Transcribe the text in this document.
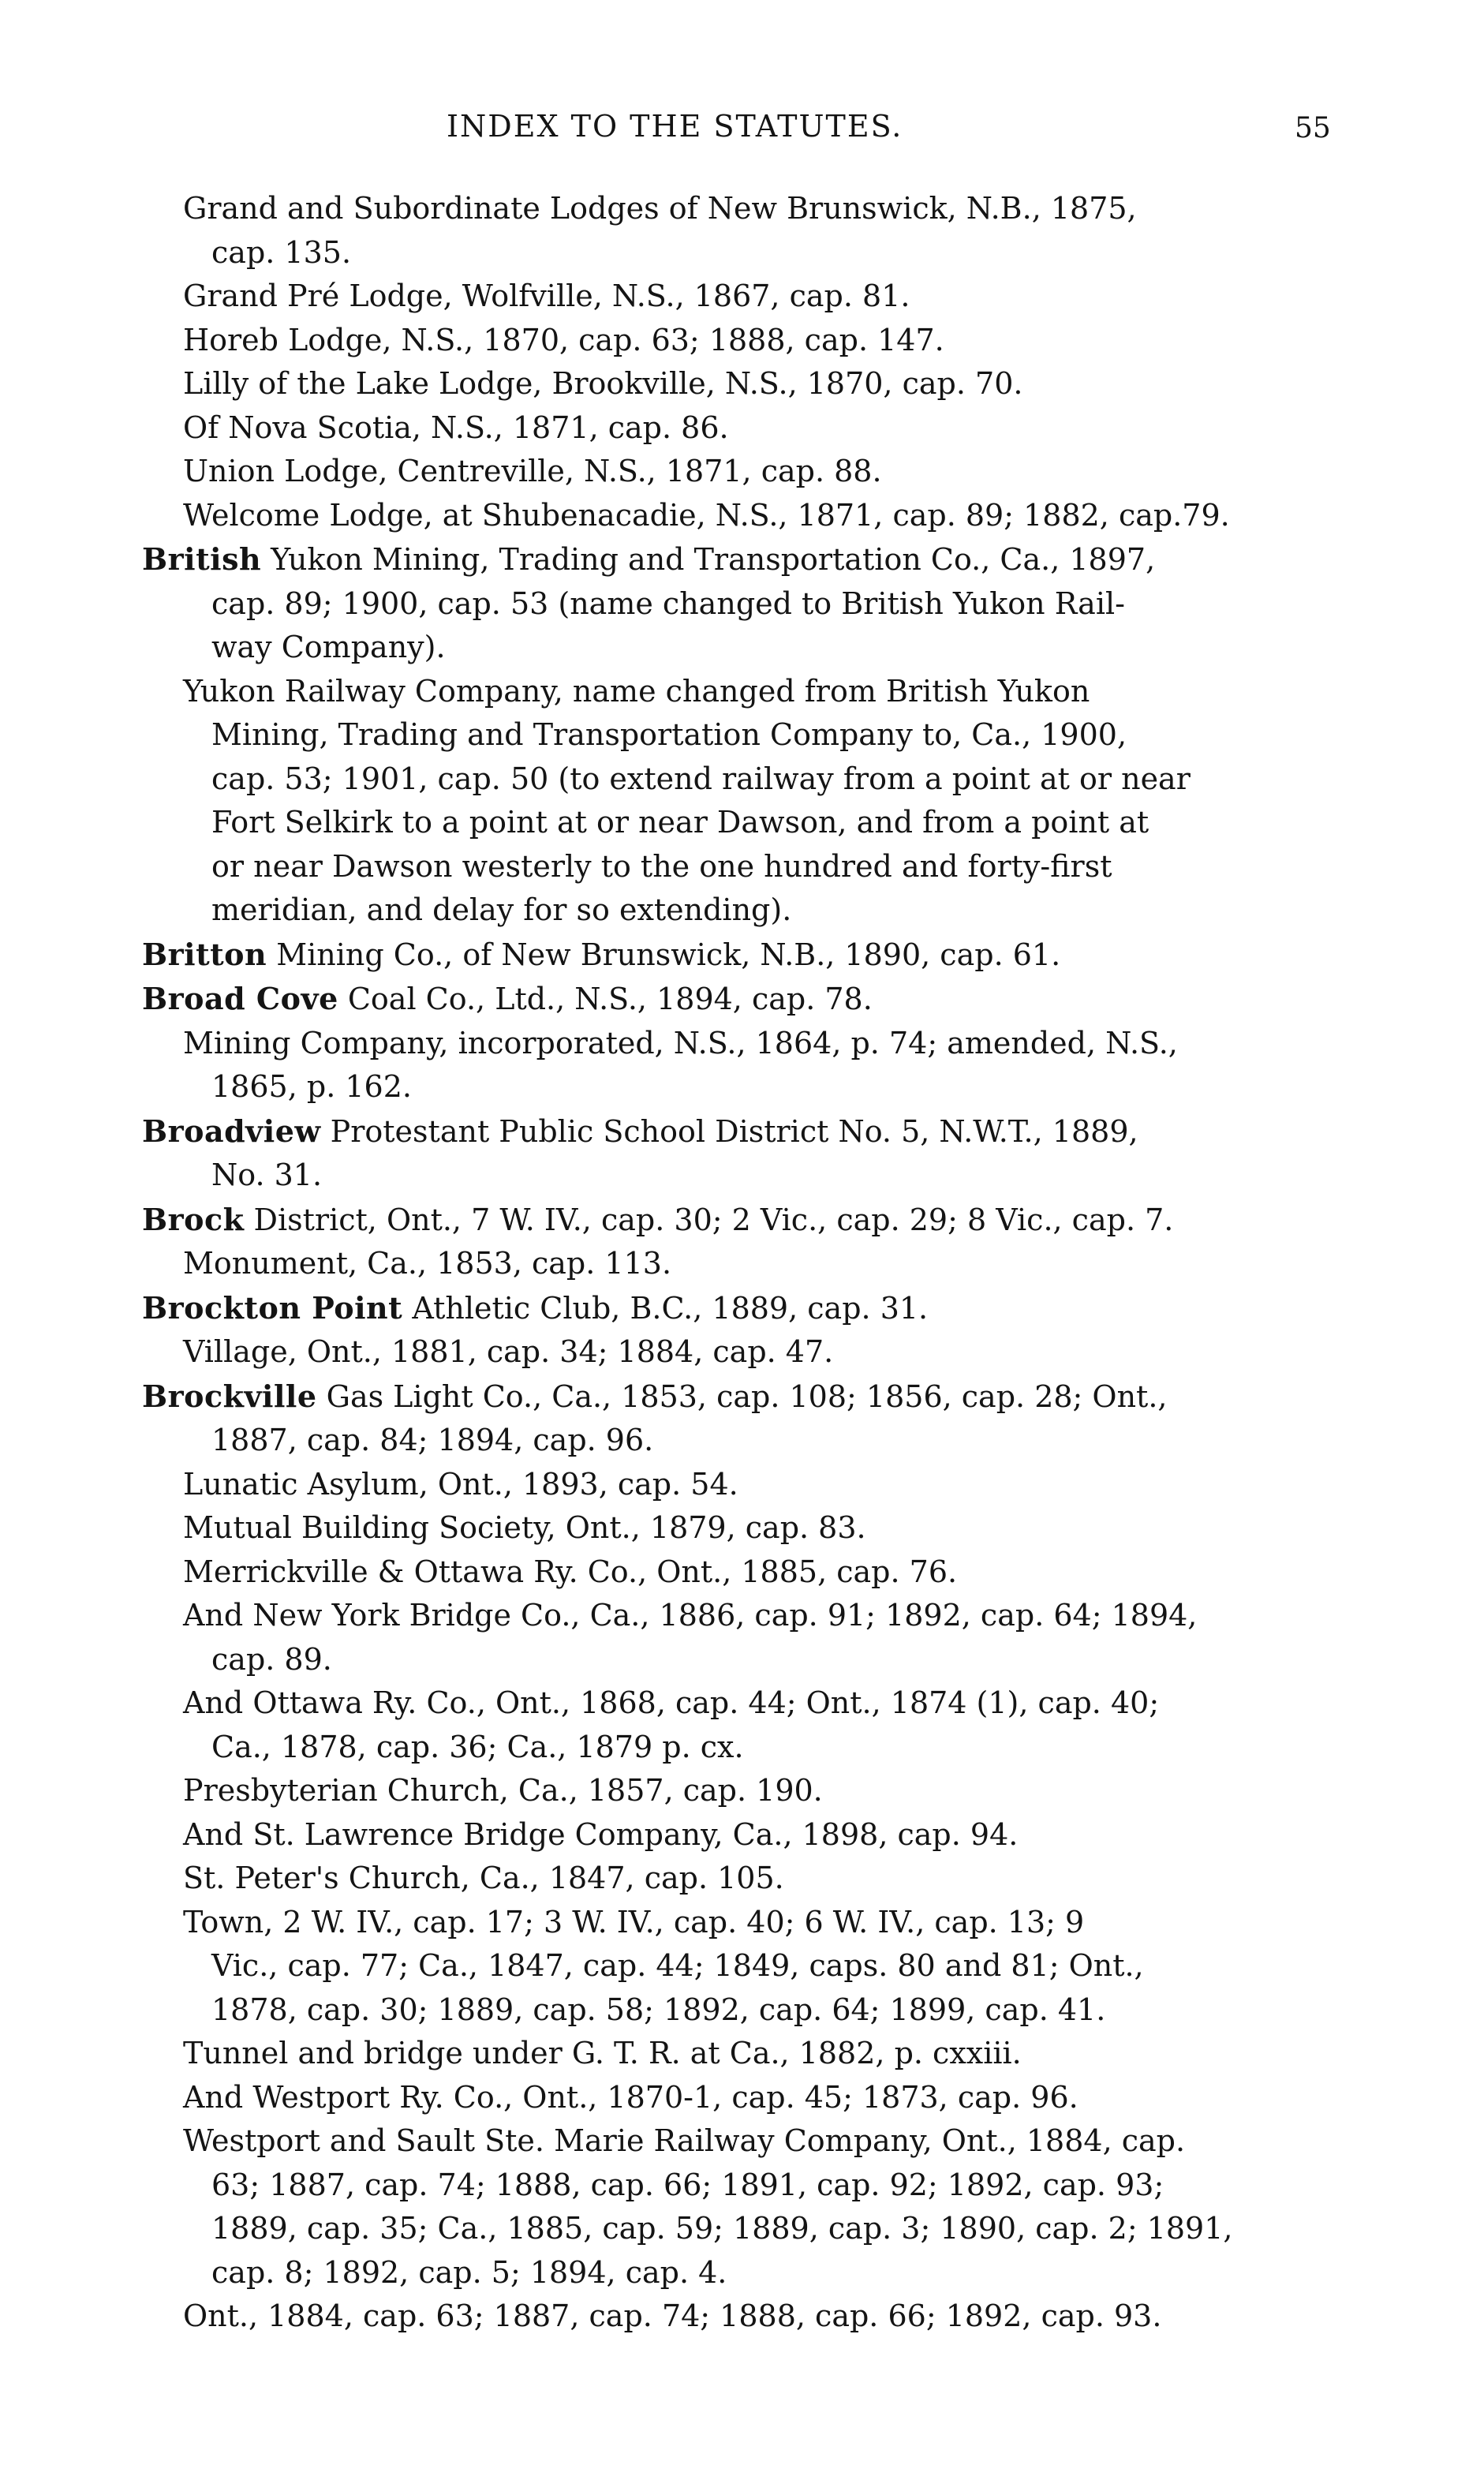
INDEX TO THE STATUTES.	55
Grand and Subordinate Lodges of New Brunswick, N.B., 1875,
cap. 135.
Grand Pré Lodge, Wolfville, N.S., 1867, cap. 81.
Horeb Lodge, N.S., 1870, cap. 63; 1888, cap. 147.
Lilly of the Lake Lodge, Brookville, N.S., 1870, cap. 70.
Of Nova Scotia, N.S., 1871, cap. 86.
Union Lodge, Centreville, N.S., 1871, cap. 88.
Welcome Lodge, at Shubenacadie, N.S., 1871, cap. 89; 1882, cap.79.
British Yukon Mining, Trading and Transportation Co., Ca., 1897,
cap. 89; 1900, cap. 53 (name changed to British Yukon Rail-
way Company).
Yukon Railway Company, name changed from British Yukon
Mining, Trading and Transportation Company to, Ca., 1900,
cap. 53; 1901, cap. 50 (to extend railway from a point at or near
Fort Selkirk to a point at or near Dawson, and from a point at
or near Dawson westerly to the one hundred and forty-first
meridian, and delay for so extending).
Britton Mining Co., of New Brunswick, N.B., 1890, cap. 61.
Broad Cove Coal Co., Ltd., N.S., 1894, cap. 78.
Mining Company, incorporated, N.S., 1864, p. 74; amended, N.S.,
1865, p. 162.
Broadview Protestant Public School District No. 5, N.W.T., 1889,
No. 31.
Brock District, Ont., 7 W. IV., cap. 30; 2 Vic., cap. 29; 8 Vic., cap. 7.
Monument, Ca., 1853, cap. 113.
Brockton Point Athletic Club, B.C., 1889, cap. 31.
Village, Ont., 1881, cap. 34; 1884, cap. 47.
Brockville Gas Light Co., Ca., 1853, cap. 108; 1856, cap. 28; Ont.,
1887, cap. 84; 1894, cap. 96.
Lunatic Asylum, Ont., 1893, cap. 54.
Mutual Building Society, Ont., 1879, cap. 83.
Merrickville & Ottawa Ry. Co., Ont., 1885, cap. 76.
And New York Bridge Co., Ca., 1886, cap. 91; 1892, cap. 64; 1894,
cap. 89.
And Ottawa Ry. Co., Ont., 1868, cap. 44; Ont., 1874 (1), cap. 40;
Ca., 1878, cap. 36; Ca., 1879 p. cx.
Presbyterian Church, Ca., 1857, cap. 190.
And St. Lawrence Bridge Company, Ca., 1898, cap. 94.
St. Peter's Church, Ca., 1847, cap. 105.
Town, 2 W. IV., cap. 17; 3 W. IV., cap. 40; 6 W. IV., cap. 13; 9
Vic., cap. 77; Ca., 1847, cap. 44; 1849, caps. 80 and 81; Ont.,
1878, cap. 30; 1889, cap. 58; 1892, cap. 64; 1899, cap. 41.
Tunnel and bridge under G. T. R. at Ca., 1882, p. cxxiii.
And Westport Ry. Co., Ont., 1870-1, cap. 45; 1873, cap. 96.
Westport and Sault Ste. Marie Railway Company, Ont., 1884, cap.
63; 1887, cap. 74; 1888, cap. 66; 1891, cap. 92; 1892, cap. 93;
1889, cap. 35; Ca., 1885, cap. 59; 1889, cap. 3; 1890, cap. 2; 1891,
cap. 8; 1892, cap. 5; 1894, cap. 4.
Ont., 1884, cap. 63; 1887, cap. 74; 1888, cap. 66; 1892, cap. 93.
